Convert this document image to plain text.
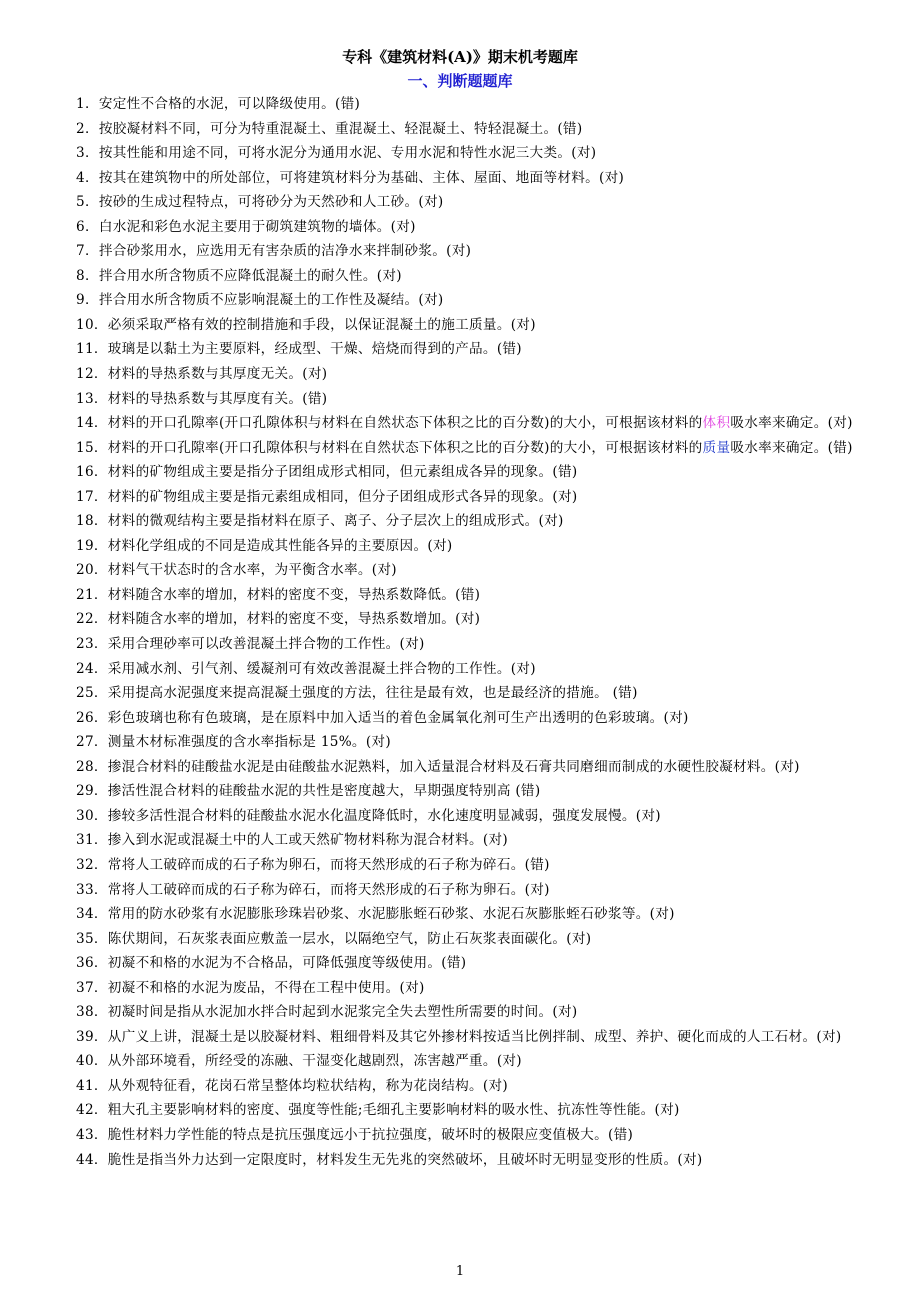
专科《建筑材料(A)》期末机考题库
一、判断题题库
1．安定性不合格的水泥，可以降级使用。(错)
2．按胶凝材料不同，可分为特重混凝土、重混凝土、轻混凝土、特轻混凝土。(错)
3．按其性能和用途不同，可将水泥分为通用水泥、专用水泥和特性水泥三大类。(对)
4．按其在建筑物中的所处部位，可将建筑材料分为基础、主体、屋面、地面等材料。(对)
5．按砂的生成过程特点，可将砂分为天然砂和人工砂。(对)
6．白水泥和彩色水泥主要用于砌筑建筑物的墙体。(对)
7．拌合砂浆用水，应选用无有害杂质的洁净水来拌制砂浆。(对)
8．拌合用水所含物质不应降低混凝土的耐久性。(对)
9．拌合用水所含物质不应影响混凝土的工作性及凝结。(对)
10．必须采取严格有效的控制措施和手段，以保证混凝土的施工质量。(对)
11．玻璃是以黏土为主要原料，经成型、干燥、焙烧而得到的产品。(错)
12．材料的导热系数与其厚度无关。(对)
13．材料的导热系数与其厚度有关。(错)
14．材料的开口孔隙率(开口孔隙体积与材料在自然状态下体积之比的百分数)的大小，可根据该材料的体积吸水率来确定。(对)
15．材料的开口孔隙率(开口孔隙体积与材料在自然状态下体积之比的百分数)的大小，可根据该材料的质量吸水率来确定。(错)
16．材料的矿物组成主要是指分子团组成形式相同，但元素组成各异的现象。(错)
17．材料的矿物组成主要是指元素组成相同，但分子团组成形式各异的现象。(对)
18．材料的微观结构主要是指材料在原子、离子、分子层次上的组成形式。(对)
19．材料化学组成的不同是造成其性能各异的主要原因。(对)
20．材料气干状态时的含水率，为平衡含水率。(对)
21．材料随含水率的增加，材料的密度不变，导热系数降低。(错)
22．材料随含水率的增加，材料的密度不变，导热系数增加。(对)
23．采用合理砂率可以改善混凝土拌合物的工作性。(对)
24．采用减水剂、引气剂、缓凝剂可有效改善混凝土拌合物的工作性。(对)
25．采用提高水泥强度来提高混凝土强度的方法，往往是最有效，也是最经济的措施。 (错)
26．彩色玻璃也称有色玻璃，是在原料中加入适当的着色金属氧化剂可生产出透明的色彩玻璃。(对)
27．测量木材标准强度的含水率指标是 15%。(对)
28．掺混合材料的硅酸盐水泥是由硅酸盐水泥熟料，加入适量混合材料及石膏共同磨细而制成的水硬性胶凝材料。(对)
29．掺活性混合材料的硅酸盐水泥的共性是密度越大，早期强度特别高 (错)
30．掺较多活性混合材料的硅酸盐水泥水化温度降低时，水化速度明显减弱，强度发展慢。(对)
31．掺入到水泥或混凝土中的人工或天然矿物材料称为混合材料。(对)
32．常将人工破碎而成的石子称为卵石，而将天然形成的石子称为碎石。(错)
33．常将人工破碎而成的石子称为碎石，而将天然形成的石子称为卵石。(对)
34．常用的防水砂浆有水泥膨胀珍珠岩砂浆、水泥膨胀蛭石砂浆、水泥石灰膨胀蛭石砂浆等。(对)
35．陈伏期间，石灰浆表面应敷盖一层水，以隔绝空气，防止石灰浆表面碳化。(对)
36．初凝不和格的水泥为不合格品，可降低强度等级使用。(错)
37．初凝不和格的水泥为废品，不得在工程中使用。(对)
38．初凝时间是指从水泥加水拌合时起到水泥浆完全失去塑性所需要的时间。(对)
39．从广义上讲，混凝土是以胶凝材料、粗细骨料及其它外掺材料按适当比例拌制、成型、养护、硬化而成的人工石材。(对)
40．从外部环境看，所经受的冻融、干湿变化越剧烈，冻害越严重。(对)
41．从外观特征看，花岗石常呈整体均粒状结构，称为花岗结构。(对)
42．粗大孔主要影响材料的密度、强度等性能;毛细孔主要影响材料的吸水性、抗冻性等性能。(对)
43．脆性材料力学性能的特点是抗压强度远小于抗拉强度，破坏时的极限应变值极大。(错)
44．脆性是指当外力达到一定限度时，材料发生无先兆的突然破坏，且破坏时无明显变形的性质。(对)
1
